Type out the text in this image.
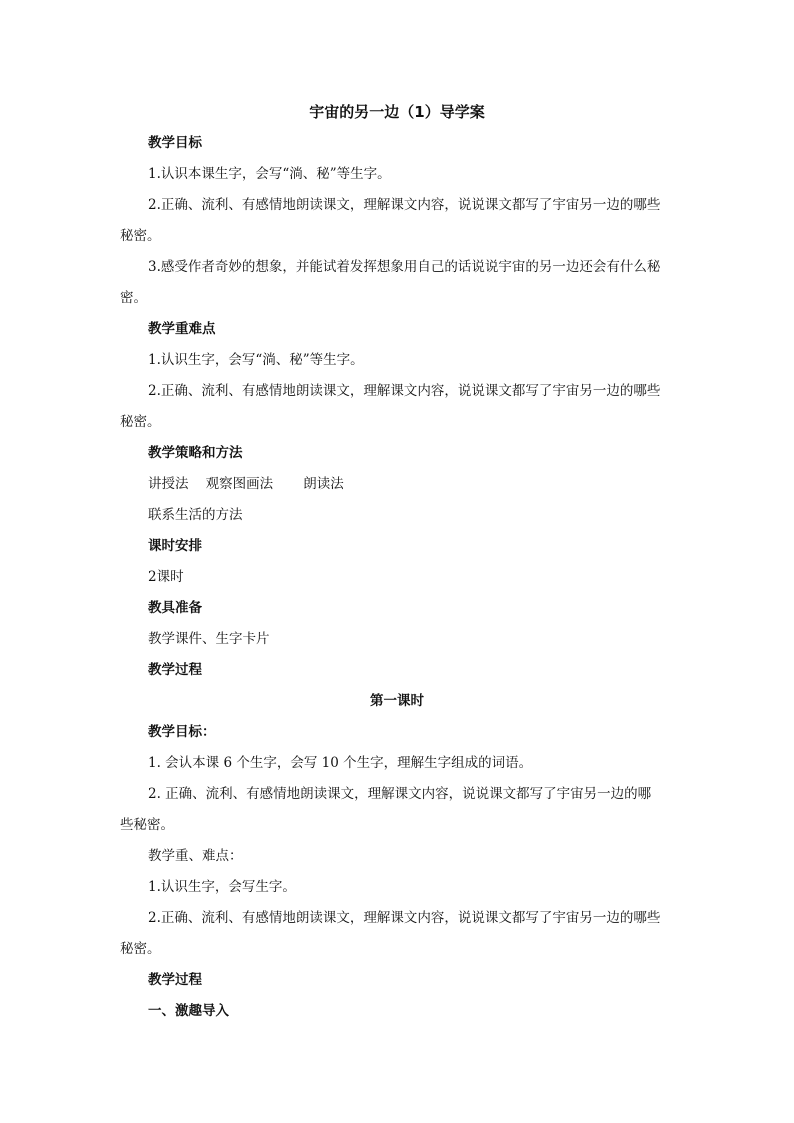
宇宙的另一边（1）导学案
教学目标
1.认识本课生字，会写“淌、秘”等生字。
2.正确、流利、有感情地朗读课文，理解课文内容，说说课文都写了宇宙另一边的哪些
秘密。
3.感受作者奇妙的想象，并能试着发挥想象用自己的话说说宇宙的另一边还会有什么秘
密。
教学重难点
1.认识生字，会写“淌、秘”等生字。
2.正确、流利、有感情地朗读课文，理解课文内容，说说课文都写了宇宙另一边的哪些
秘密。
教学策略和方法
讲授法    观察图画法       朗读法
联系生活的方法
课时安排
2课时
教具准备
教学课件、生字卡片
教学过程
第一课时
教学目标：
1. 会认本课 6 个生字，会写 10 个生字，理解生字组成的词语。
2. 正确、流利、有感情地朗读课文，理解课文内容，说说课文都写了宇宙另一边的哪
些秘密。
教学重、难点：
1.认识生字，会写生字。
2.正确、流利、有感情地朗读课文，理解课文内容，说说课文都写了宇宙另一边的哪些
秘密。
教学过程
一、激趣导入
